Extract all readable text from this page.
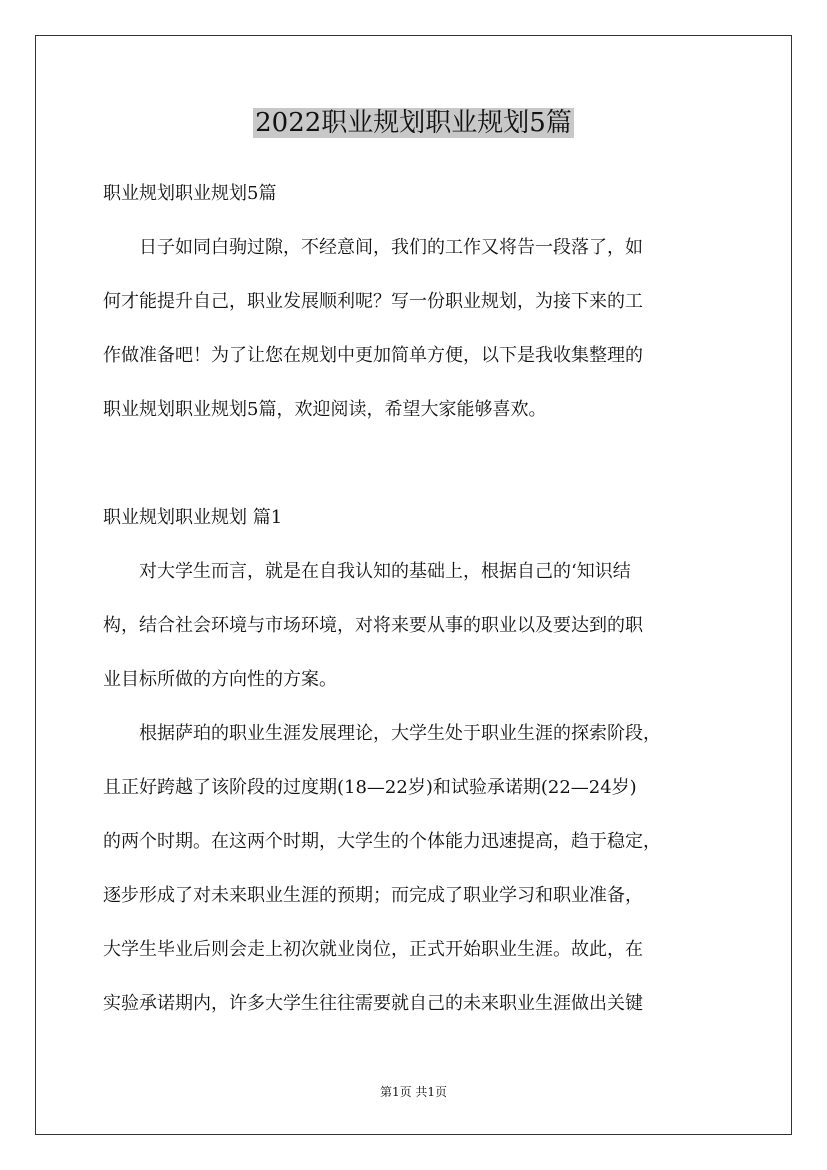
2022职业规划职业规划5篇

职业规划职业规划5篇

日子如同白驹过隙，不经意间，我们的工作又将告一段落了，如

何才能提升自己，职业发展顺利呢？写一份职业规划，为接下来的工

作做准备吧！为了让您在规划中更加简单方便，以下是我收集整理的

职业规划职业规划5篇，欢迎阅读，希望大家能够喜欢。

职业规划职业规划 篇1

对大学生而言，就是在自我认知的基础上，根据自己的‘知识结

构，结合社会环境与市场环境，对将来要从事的职业以及要达到的职

业目标所做的方向性的方案。

根据萨珀的职业生涯发展理论，大学生处于职业生涯的探索阶段，

且正好跨越了该阶段的过度期(18—22岁)和试验承诺期(22—24岁)

的两个时期。在这两个时期，大学生的个体能力迅速提高，趋于稳定，

逐步形成了对未来职业生涯的预期；而完成了职业学习和职业准备，

大学生毕业后则会走上初次就业岗位，正式开始职业生涯。故此，在

实验承诺期内，许多大学生往往需要就自己的未来职业生涯做出关键

第1页 共1页
